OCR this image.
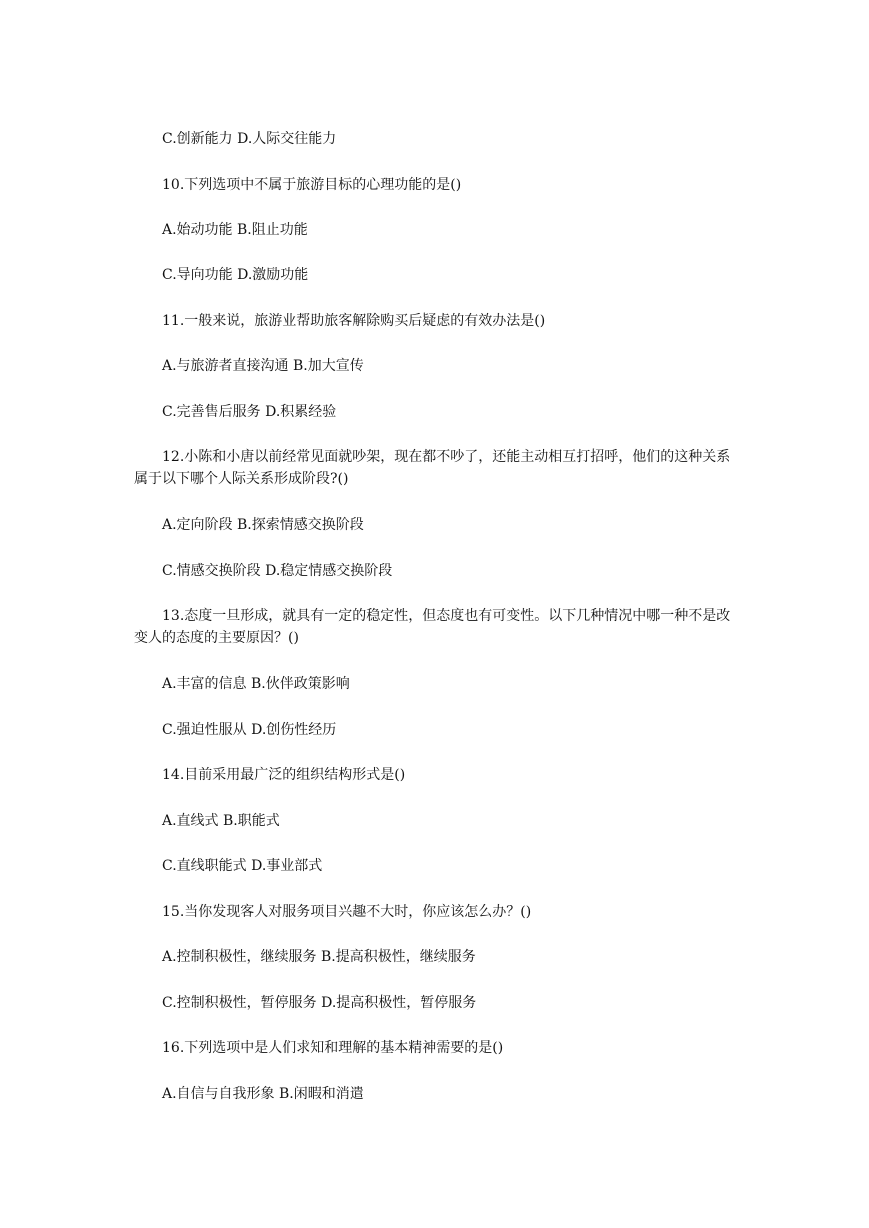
C.创新能力 D.人际交往能力

10.下列选项中不属于旅游目标的心理功能的是()

A.始动功能 B.阻止功能

C.导向功能 D.激励功能

11.一般来说，旅游业帮助旅客解除购买后疑虑的有效办法是()

A.与旅游者直接沟通 B.加大宣传

C.完善售后服务 D.积累经验

12.小陈和小唐以前经常见面就吵架，现在都不吵了，还能主动相互打招呼，他们的这种关系属于以下哪个人际关系形成阶段?()

A.定向阶段 B.探索情感交换阶段

C.情感交换阶段 D.稳定情感交换阶段

13.态度一旦形成，就具有一定的稳定性，但态度也有可变性。以下几种情况中哪一种不是改变人的态度的主要原因？()

A.丰富的信息 B.伙伴政策影响

C.强迫性服从 D.创伤性经历

14.目前采用最广泛的组织结构形式是()

A.直线式 B.职能式

C.直线职能式 D.事业部式

15.当你发现客人对服务项目兴趣不大时，你应该怎么办？()

A.控制积极性，继续服务 B.提高积极性，继续服务

C.控制积极性，暂停服务 D.提高积极性，暂停服务

16.下列选项中是人们求知和理解的基本精神需要的是()

A.自信与自我形象 B.闲暇和消遣
